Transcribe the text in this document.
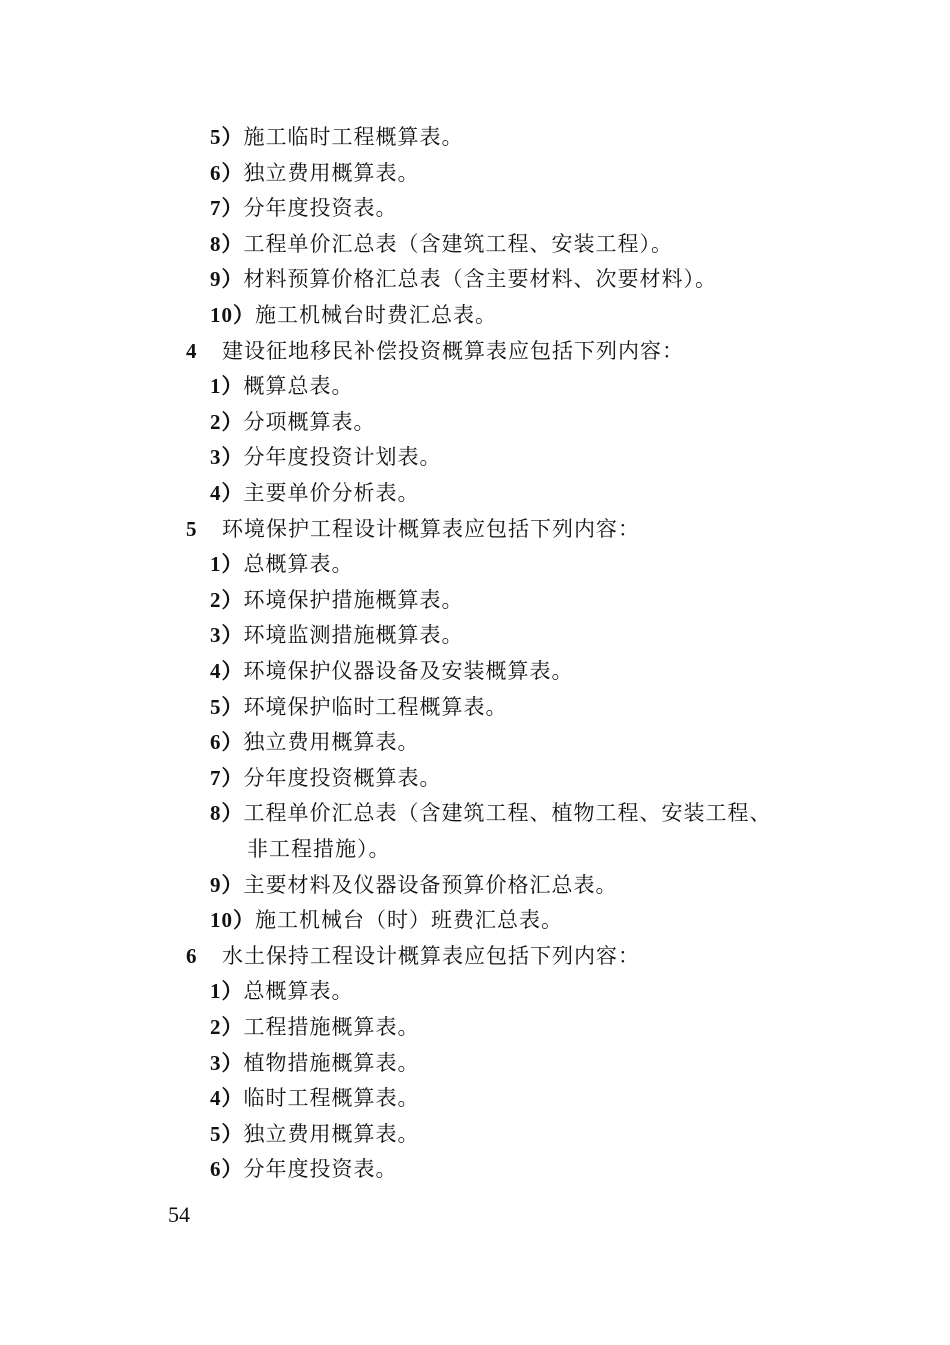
5）施工临时工程概算表。
6）独立费用概算表。
7）分年度投资表。
8）工程单价汇总表（含建筑工程、安装工程）。
9）材料预算价格汇总表（含主要材料、次要材料）。
10）施工机械台时费汇总表。
4 建设征地移民补偿投资概算表应包括下列内容：
1）概算总表。
2）分项概算表。
3）分年度投资计划表。
4）主要单价分析表。
5 环境保护工程设计概算表应包括下列内容：
1）总概算表。
2）环境保护措施概算表。
3）环境监测措施概算表。
4）环境保护仪器设备及安装概算表。
5）环境保护临时工程概算表。
6）独立费用概算表。
7）分年度投资概算表。
8）工程单价汇总表（含建筑工程、植物工程、安装工程、
非工程措施）。
9）主要材料及仪器设备预算价格汇总表。
10）施工机械台（时）班费汇总表。
6 水土保持工程设计概算表应包括下列内容：
1）总概算表。
2）工程措施概算表。
3）植物措施概算表。
4）临时工程概算表。
5）独立费用概算表。
6）分年度投资表。
54
